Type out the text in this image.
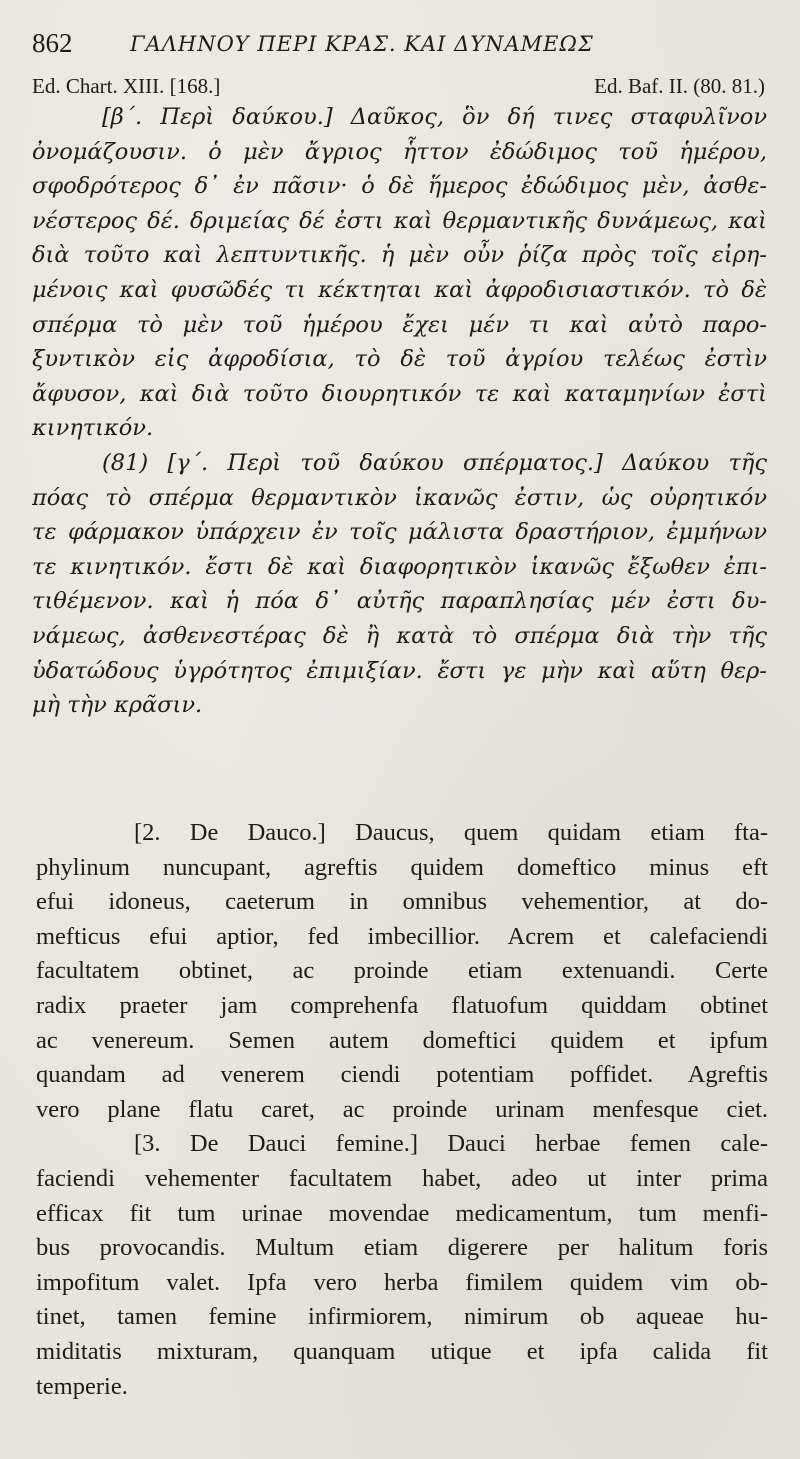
862	ΓΑΛΗΝΟΥ ΠΕΡΙ ΚΡΑΣ. ΚΑΙ ΔΥΝΑΜΕΩΣ
Ed. Chart. XIII. [168.]	Ed. Baf. II. (80. 81.)
[β΄. Περὶ δαύκου.] Δαῦκος, ὃν δή τινες σταφυλῖνον
ὀνομάζουσιν. ὁ μὲν ἄγριος ἧττον ἐδώδιμος τοῦ ἡμέρου,
σφοδρότερος δ᾽ ἐν πᾶσιν· ὁ δὲ ἥμερος ἐδώδιμος μὲν, ἀσθε-
νέστερος δέ. δριμείας δέ ἐστι καὶ θερμαντικῆς δυνάμεως, καὶ
διὰ τοῦτο καὶ λεπτυντικῆς. ἡ μὲν οὖν ῥίζα πρὸς τοῖς εἰρη-
μένοις καὶ φυσῶδές τι κέκτηται καὶ ἀφροδισιαστικόν. τὸ δὲ
σπέρμα τὸ μὲν τοῦ ἡμέρου ἔχει μέν τι καὶ αὐτὸ παρο-
ξυντικὸν εἰς ἀφροδίσια, τὸ δὲ τοῦ ἀγρίου τελέως ἐστὶν
ἄφυσον, καὶ διὰ τοῦτο διουρητικόν τε καὶ καταμηνίων ἐστὶ
κινητικόν.
(81) [γ΄. Περὶ τοῦ δαύκου σπέρματος.] Δαύκου τῆς
πόας τὸ σπέρμα θερμαντικὸν ἱκανῶς ἐστιν, ὡς οὐρητικόν
τε φάρμακον ὑπάρχειν ἐν τοῖς μάλιστα δραστήριον, ἐμμήνων
τε κινητικόν. ἔστι δὲ καὶ διαφορητικὸν ἱκανῶς ἔξωθεν ἐπι-
τιθέμενον. καὶ ἡ πόα δ᾽ αὐτῆς παραπλησίας μέν ἐστι δυ-
νάμεως, ἀσθενεστέρας δὲ ἢ κατὰ τὸ σπέρμα διὰ τὴν τῆς
ὑδατώδους ὑγρότητος ἐπιμιξίαν. ἔστι γε μὴν καὶ αὕτη θερ-
μὴ τὴν κρᾶσιν.
[2. De Dauco.] Daucus, quem quidam etiam fta-
phylinum nuncupant, agreftis quidem domeftico minus eft
efui idoneus, caeterum in omnibus vehementior, at do-
mefticus efui aptior, fed imbecillior. Acrem et calefaciendi
facultatem obtinet, ac proinde etiam extenuandi. Certe
radix praeter jam comprehenfa flatuofum quiddam obtinet
ac venereum. Semen autem domeftici quidem et ipfum
quandam ad venerem ciendi potentiam poffidet. Agreftis
vero plane flatu caret, ac proinde urinam menfesque ciet.
[3. De Dauci femine.] Dauci herbae femen cale-
faciendi vehementer facultatem habet, adeo ut inter prima
efficax fit tum urinae movendae medicamentum, tum menfi-
bus provocandis. Multum etiam digerere per halitum foris
impofitum valet. Ipfa vero herba fimilem quidem vim ob-
tinet, tamen femine infirmiorem, nimirum ob aqueae hu-
miditatis mixturam, quanquam utique et ipfa calida fit
temperie.
